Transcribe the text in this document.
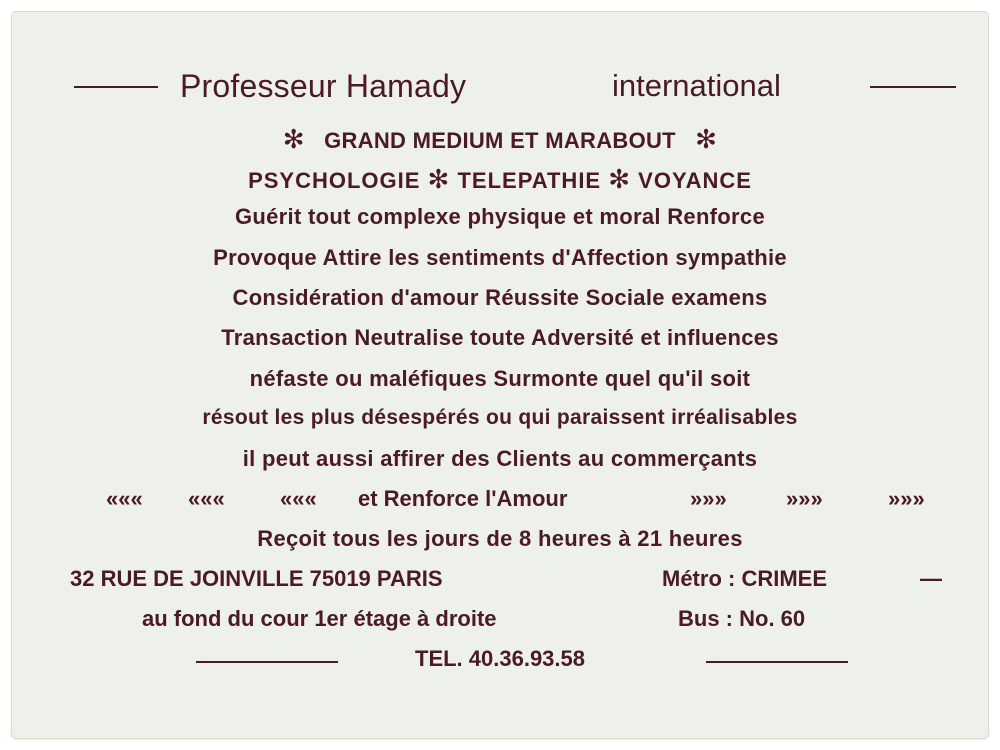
Professeur Hamady	international
✻ GRAND MEDIUM ET MARABOUT ✻
PSYCHOLOGIE ✻ TELEPATHIE ✻ VOYANCE
Guérit tout complexe physique et moral Renforce
Provoque Attire les sentiments d'Affection sympathie
Considération d'amour Réussite Sociale examens
Transaction Neutralise toute Adversité et influences
néfaste ou maléfiques Surmonte quel qu'il soit
résout les plus désespérés ou qui paraissent irréalisables
il peut aussi affirer des Clients au commerçants
««« «««	««« et Renforce l'Amour	»»»	»»»	»»»
Reçoit tous les jours de 8 heures à 21 heures
32 RUE DE JOINVILLE 75019 PARIS	Métro : CRIMEE	—
au fond du cour 1er étage à droite	Bus : No. 60
TEL. 40.36.93.58
